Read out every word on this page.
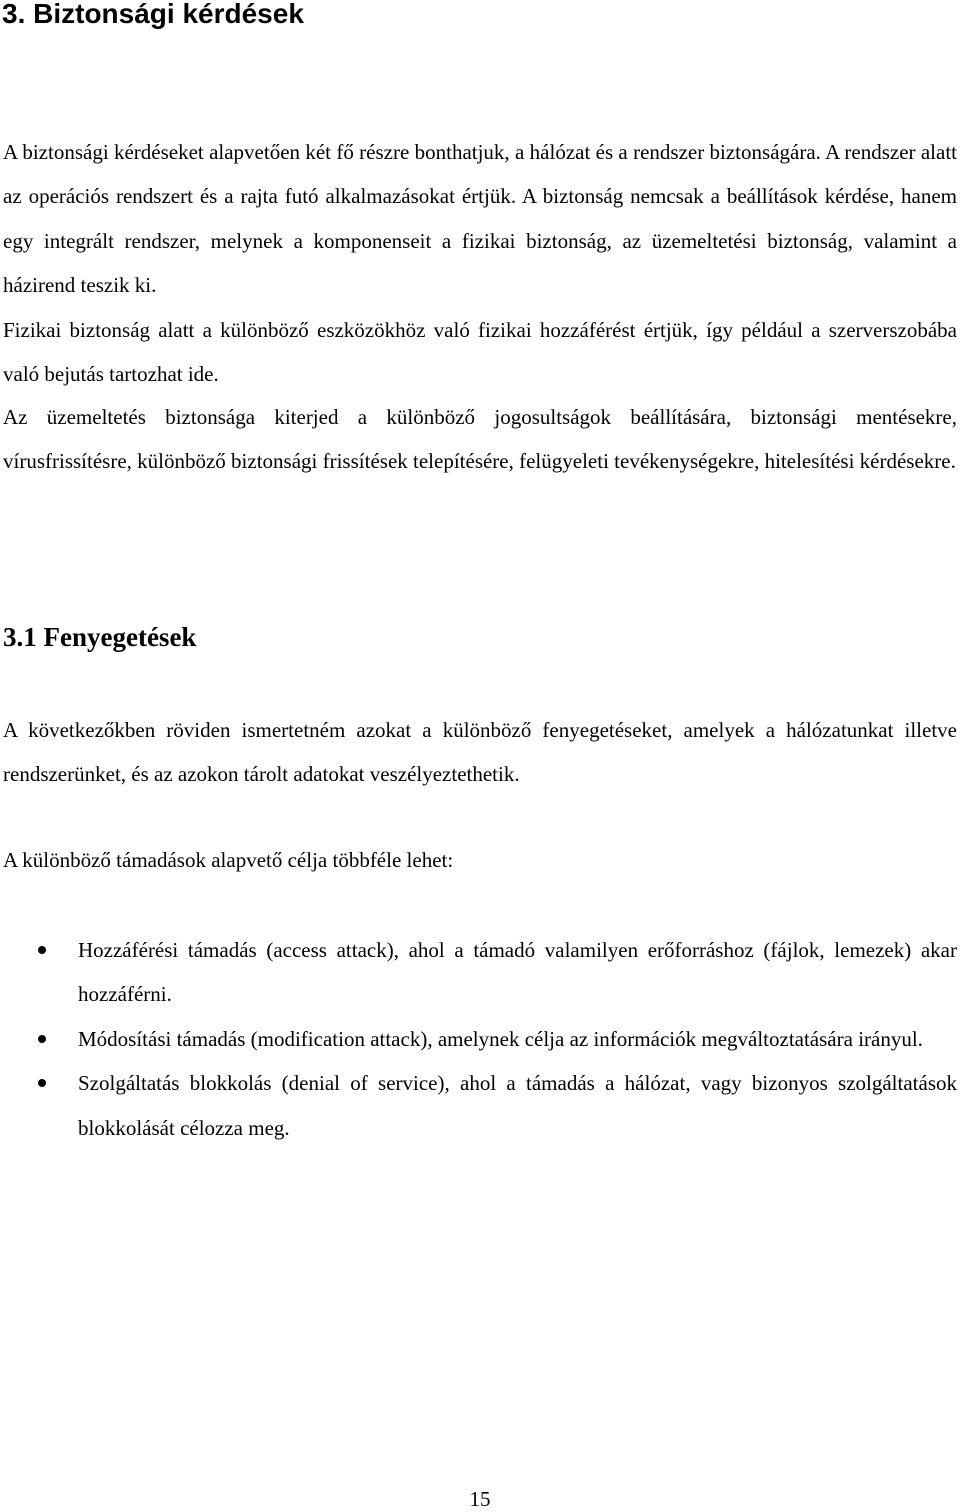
3. Biztonsági kérdések

A biztonsági kérdéseket alapvetően két fő részre bonthatjuk, a hálózat és a rendszer biztonságára. A rendszer alatt az operációs rendszert és a rajta futó alkalmazásokat értjük. A biztonság nemcsak a beállítások kérdése, hanem egy integrált rendszer, melynek a komponenseit a fizikai biztonság, az üzemeltetési biztonság, valamint a házirend teszik ki.

Fizikai biztonság alatt a különböző eszközökhöz való fizikai hozzáférést értjük, így például a szerverszobába való bejutás tartozhat ide.

Az üzemeltetés biztonsága kiterjed a különböző jogosultságok beállítására, biztonsági mentésekre, vírusfrissítésre, különböző biztonsági frissítések telepítésére, felügyeleti tevékenységekre, hitelesítési kérdésekre.

3.1 Fenyegetések

A következőkben röviden ismertetném azokat a különböző fenyegetéseket, amelyek a hálózatunkat illetve rendszerünket, és az azokon tárolt adatokat veszélyeztethetik.

A különböző támadások alapvető célja többféle lehet:

Hozzáférési támadás (access attack), ahol a támadó valamilyen erőforráshoz (fájlok, lemezek) akar hozzáférni.
Módosítási támadás (modification attack), amelynek célja az információk megváltoztatására irányul.
Szolgáltatás blokkolás (denial of service), ahol a támadás a hálózat, vagy bizonyos szolgáltatások blokkolását célozza meg.
15
